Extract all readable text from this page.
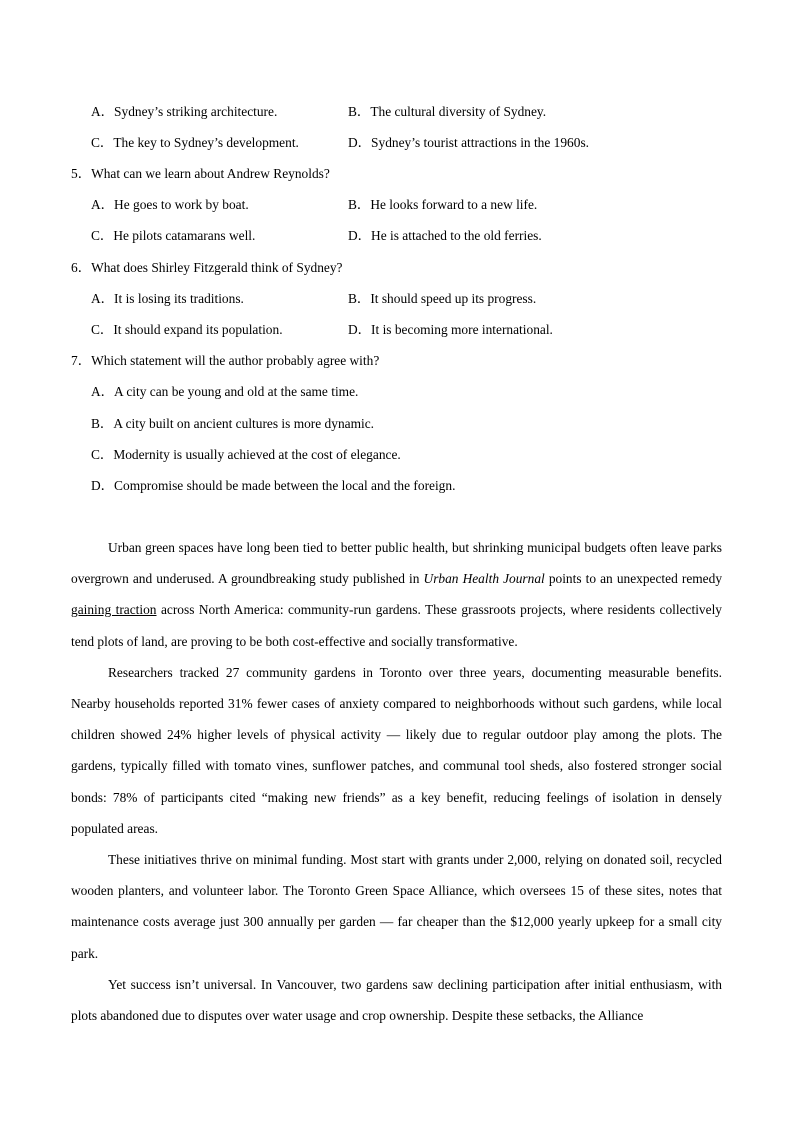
A．Sydney’s striking architecture.	B．The cultural diversity of Sydney.
C．The key to Sydney’s development.	D．Sydney’s tourist attractions in the 1960s.
5．What can we learn about Andrew Reynolds?
A．He goes to work by boat.	B．He looks forward to a new life.
C．He pilots catamarans well.	D．He is attached to the old ferries.
6．What does Shirley Fitzgerald think of Sydney?
A．It is losing its traditions.	B．It should speed up its progress.
C．It should expand its population.	D．It is becoming more international.
7．Which statement will the author probably agree with?
A．A city can be young and old at the same time.
B．A city built on ancient cultures is more dynamic.
C．Modernity is usually achieved at the cost of elegance.
D．Compromise should be made between the local and the foreign.

Urban green spaces have long been tied to better public health, but shrinking municipal budgets often leave parks overgrown and underused. A groundbreaking study published in Urban Health Journal points to an unexpected remedy gaining traction across North America: community-run gardens. These grassroots projects, where residents collectively tend plots of land, are proving to be both cost-effective and socially transformative.

Researchers tracked 27 community gardens in Toronto over three years, documenting measurable benefits. Nearby households reported 31% fewer cases of anxiety compared to neighborhoods without such gardens, while local children showed 24% higher levels of physical activity — likely due to regular outdoor play among the plots. The gardens, typically filled with tomato vines, sunflower patches, and communal tool sheds, also fostered stronger social bonds: 78% of participants cited “making new friends” as a key benefit, reducing feelings of isolation in densely populated areas.

These initiatives thrive on minimal funding. Most start with grants under 2,000, relying on donated soil, recycled wooden planters, and volunteer labor. The Toronto Green Space Alliance, which oversees 15 of these sites, notes that maintenance costs average just 300 annually per garden — far cheaper than the $12,000 yearly upkeep for a small city park.

Yet success isn’t universal. In Vancouver, two gardens saw declining participation after initial enthusiasm, with plots abandoned due to disputes over water usage and crop ownership. Despite these setbacks, the Alliance
